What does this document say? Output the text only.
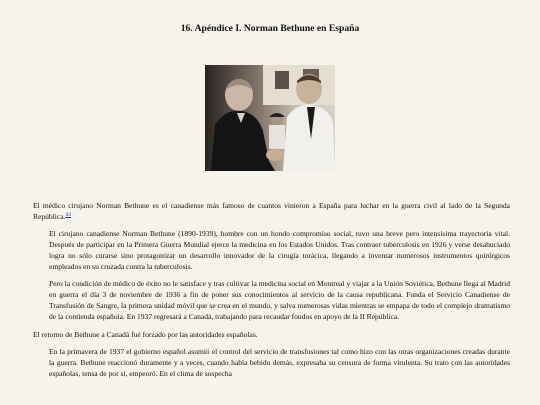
16. Apéndice I. Norman Bethune en España

El médico cirujano Norman Bethune es el canadiense más famoso de cuantos vinieron a España para luchar en la guerra civil al lado de la Segunda República.$^{43}$

El cirujano canadiense Norman Bethune (1890-1939), hombre con un hondo compromiso social, tuvo una breve pero intensísima trayectoria vital. Después de participar en la Primera Guerra Mundial ejerce la medicina en los Estados Unidos. Tras contraer tuberculosis en 1926 y verse desahuciado logra no sólo curarse sino protagonizar un desarrollo innovador de la cirugía torácica, llegando a inventar numerosos instrumentos quirúrgicos empleados en su cruzada contra la tuberculosis.

Pero la condición de médico de éxito no le satisface y tras cultivar la medicina social en Montreal y viajar a la Unión Soviética, Bethune llega al Madrid en guerra el día 3 de noviembre de 1936 a fin de poner sus conocimientos al servicio de la causa republicana. Funda el Servicio Canadiense de Transfusión de Sangre, la primera unidad móvil que se crea en el mundo, y salva numerosas vidas mientras se empapa de todo el complejo dramatismo de la contienda española. En 1937 regresará a Canadá, trabajando para recaudar fondos en apoyo de la II República.

El retorno de Bethune a Canadá fué forzado por las autoridades españolas.

En la primavera de 1937 el gobierno español asumió el control del servicio de transfusiones tal como hizo con las otras organizaciones creadas durante la guerra. Bethune reaccionó duramente y a veces, cuando había bebido demás, expresaba su censura de forma virulenta. Su trato con las autoridades españolas, tensa de por sí, empeoró. En el clima de sospecha
